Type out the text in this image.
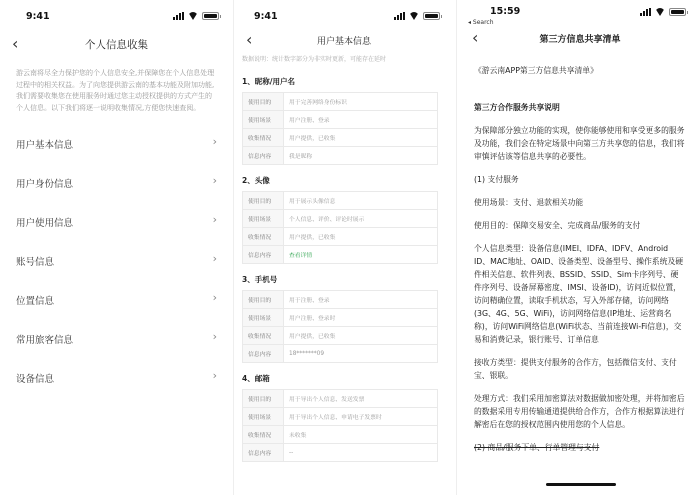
9:41
‹	个人信息收集
游云南将尽全力保护您的个人信息安全,并保障您在个人信息处理过程中的相关权益。为了向您提供游云南的基本功能及附加功能,我们需要收集您在使用服务时通过您主动授权提供的方式产生的个人信息。以下我们将逐一说明收集情况,方便您快速查阅。
用户基本信息	›
用户身份信息	›
用户使用信息	›
账号信息	›
位置信息	›
常用旅客信息	›
设备信息	›
9:41
‹	用户基本信息
数据说明：统计数字部分为非实时更新，可能存在延时
1、昵称/用户名
使用目的	用于完善网络身份标识
使用场景	用户注册、登录
收集情况	用户提供，已收集
信息内容	我是昵称
2、头像
使用目的	用于展示头像信息
使用场景	个人信息、评价、评论时展示
收集情况	用户提供，已收集
信息内容	查看详情
3、手机号
使用目的	用于注册、登录
使用场景	用户注册、登录时
收集情况	用户提供，已收集
信息内容	18*******09
4、邮箱
使用目的	用于导出个人信息、发送发票
使用场景	用于导出个人信息、申请电子发票时
收集情况	未收集
信息内容	--
15:59
◂ Search
‹	第三方信息共享清单
《游云南APP第三方信息共享清单》
第三方合作服务共享说明

为保障部分独立功能的实现，使你能够使用和享受更多的服务及功能，我们会在特定场景中向第三方共享您的信息，我们将审慎评估该等信息共享的必要性。

(1) 支付服务

使用场景：支付、退款相关功能

使用目的：保障交易安全、完成商品/服务的支付

个人信息类型：设备信息(IMEI、IDFA、IDFV、Android ID、MAC地址、OAID、设备类型、设备型号、操作系统及硬件相关信息、软件列表、BSSID、SSID、Sim卡序列号、硬件序列号、设备屏幕密度、IMSI、设备ID)，访问近似位置，访问精确位置，读取手机状态，写入外部存储，访问网络(3G、4G、5G、WiFi)，访问网络信息(IP地址、运营商名称)，访问WiFi网络信息(WiFi状态、当前连接Wi-Fi信息)，交易和消费记录，银行账号、订单信息

接收方类型：提供支付服务的合作方，包括微信支付、支付宝、银联。

处理方式：我们采用加密算法对数据做加密处理，并将加密后的数据采用专用传输通道提供给合作方，合作方根据算法进行解密后在您的授权范围内使用您的个人信息。

(2) 商品/服务下单、行单管理与支付
